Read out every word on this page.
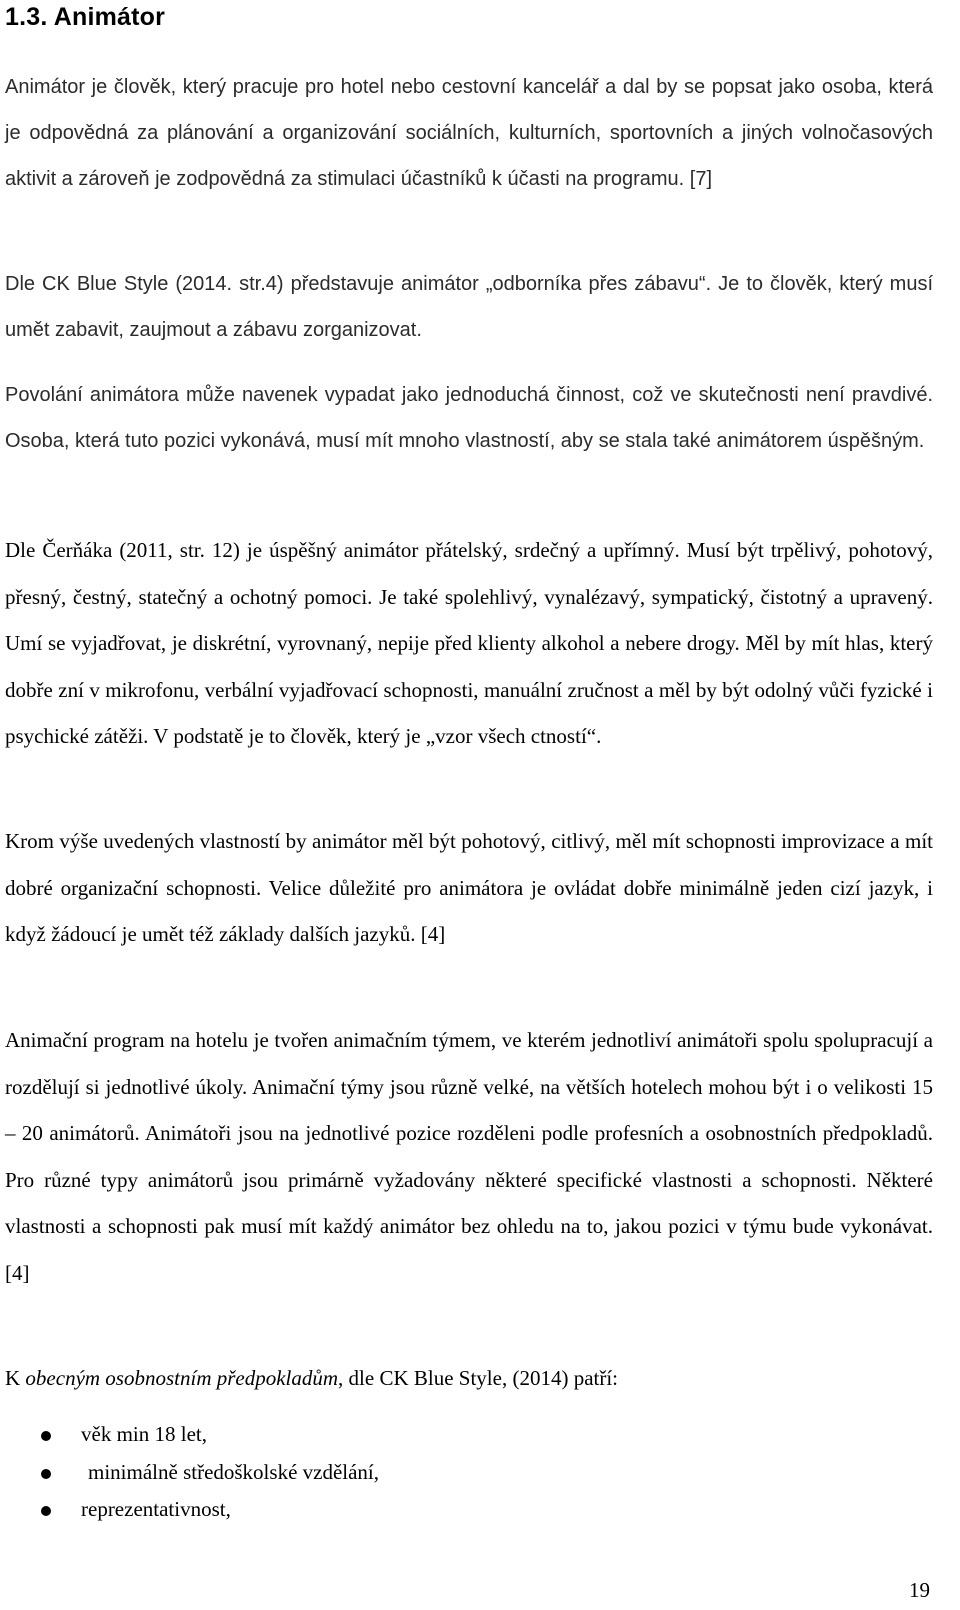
1.3. Animátor

Animátor je člověk, který pracuje pro hotel nebo cestovní kancelář a dal by se popsat jako osoba, která je odpovědná za plánování a organizování sociálních, kulturních, sportovních a jiných volnočasových aktivit a zároveň je zodpovědná za stimulaci účastníků k účasti na programu. [7]

Dle CK Blue Style (2014. str.4) představuje animátor „odborníka přes zábavu“. Je to člověk, který musí umět zabavit, zaujmout a zábavu zorganizovat.

Povolání animátora může navenek vypadat jako jednoduchá činnost, což ve skutečnosti není pravdivé. Osoba, která tuto pozici vykonává, musí mít mnoho vlastností, aby se stala také animátorem úspěšným.

Dle Čerňáka (2011, str. 12) je úspěšný animátor přátelský, srdečný a upřímný. Musí být trpělivý, pohotový, přesný, čestný, statečný a ochotný pomoci. Je také spolehlivý, vynalézavý, sympatický, čistotný a upravený. Umí se vyjadřovat, je diskrétní, vyrovnaný, nepije před klienty alkohol a nebere drogy. Měl by mít hlas, který dobře zní v mikrofonu, verbální vyjadřovací schopnosti, manuální zručnost a měl by být odolný vůči fyzické i psychické zátěži. V podstatě je to člověk, který je „vzor všech ctností“.

Krom výše uvedených vlastností by animátor měl být pohotový, citlivý, měl mít schopnosti improvizace a mít dobré organizační schopnosti. Velice důležité pro animátora je ovládat dobře minimálně jeden cizí jazyk, i když žádoucí je umět též základy dalších jazyků. [4]

Animační program na hotelu je tvořen animačním týmem, ve kterém jednotliví animátoři spolu spolupracují a rozdělují si jednotlivé úkoly. Animační týmy jsou různě velké, na větších hotelech mohou být i o velikosti 15 – 20 animátorů. Animátoři jsou na jednotlivé pozice rozděleni podle profesních a osobnostních předpokladů. Pro různé typy animátorů jsou primárně vyžadovány některé specifické vlastnosti a schopnosti. Některé vlastnosti a schopnosti pak musí mít každý animátor bez ohledu na to, jakou pozici v týmu bude vykonávat. [4]

K obecným osobnostním předpokladům, dle CK Blue Style, (2014) patří:

věk min 18 let,
minimálně středoškolské vzdělání,
reprezentativnost,

19
